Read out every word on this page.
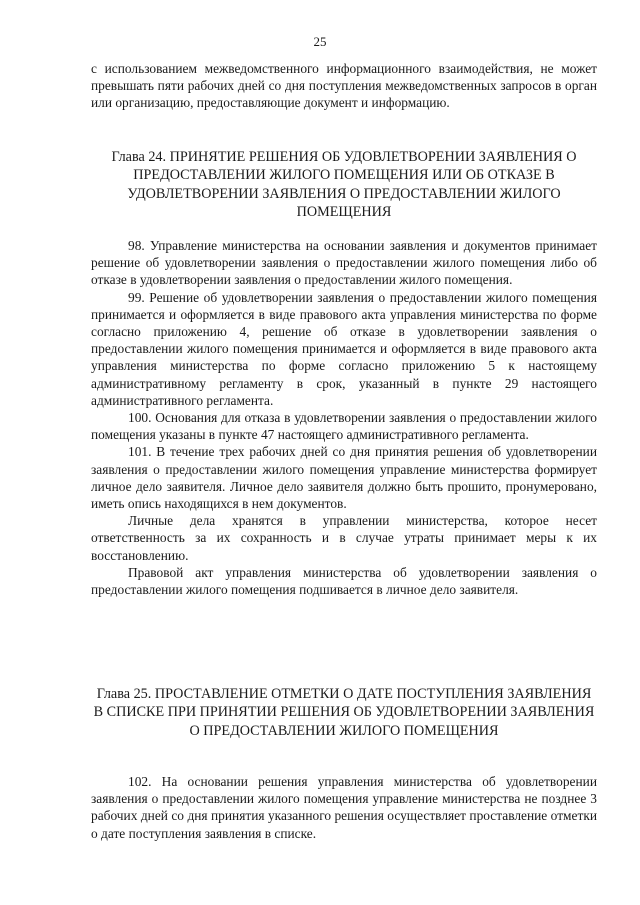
25

с использованием межведомственного информационного взаимодействия, не может превышать пяти рабочих дней со дня поступления межведомственных запросов в орган или организацию, предоставляющие документ и информацию.

Глава 24. ПРИНЯТИЕ РЕШЕНИЯ ОБ УДОВЛЕТВОРЕНИИ ЗАЯВЛЕНИЯ О ПРЕДОСТАВЛЕНИИ ЖИЛОГО ПОМЕЩЕНИЯ ИЛИ ОБ ОТКАЗЕ В УДОВЛЕТВОРЕНИИ ЗАЯВЛЕНИЯ О ПРЕДОСТАВЛЕНИИ ЖИЛОГО ПОМЕЩЕНИЯ

98. Управление министерства на основании заявления и документов принимает решение об удовлетворении заявления о предоставлении жилого помещения либо об отказе в удовлетворении заявления о предоставлении жилого помещения.

99. Решение об удовлетворении заявления о предоставлении жилого помещения принимается и оформляется в виде правового акта управления министерства по форме согласно приложению 4, решение об отказе в удовлетворении заявления о предоставлении жилого помещения принимается и оформляется в виде правового акта управления министерства по форме согласно приложению 5 к настоящему административному регламенту в срок, указанный в пункте 29 настоящего административного регламента.

100. Основания для отказа в удовлетворении заявления о предоставлении жилого помещения указаны в пункте 47 настоящего административного регламента.

101. В течение трех рабочих дней со дня принятия решения об удовлетворении заявления о предоставлении жилого помещения управление министерства формирует личное дело заявителя. Личное дело заявителя должно быть прошито, пронумеровано, иметь опись находящихся в нем документов.

Личные дела хранятся в управлении министерства, которое несет ответственность за их сохранность и в случае утраты принимает меры к их восстановлению.

Правовой акт управления министерства об удовлетворении заявления о предоставлении жилого помещения подшивается в личное дело заявителя.

Глава 25. ПРОСТАВЛЕНИЕ ОТМЕТКИ О ДАТЕ ПОСТУПЛЕНИЯ ЗАЯВЛЕНИЯ В СПИСКЕ ПРИ ПРИНЯТИИ РЕШЕНИЯ ОБ УДОВЛЕТВОРЕНИИ ЗАЯВЛЕНИЯ О ПРЕДОСТАВЛЕНИИ ЖИЛОГО ПОМЕЩЕНИЯ

102. На основании решения управления министерства об удовлетворении заявления о предоставлении жилого помещения управление министерства не позднее 3 рабочих дней со дня принятия указанного решения осуществляет проставление отметки о дате поступления заявления в списке.
